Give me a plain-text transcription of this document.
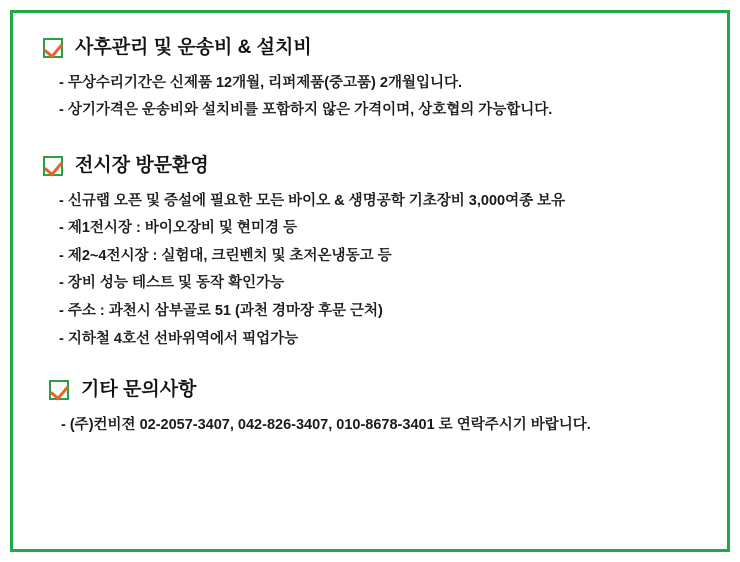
사후관리 및 운송비 & 설치비
- 무상수리기간은 신제품 12개월, 리퍼제품(중고품) 2개월입니다.
- 상기가격은 운송비와 설치비를 포함하지 않은 가격이며, 상호협의 가능합니다.
전시장 방문환영
- 신규랩 오픈 및 증설에 필요한 모든 바이오 & 생명공학 기초장비 3,000여종 보유
- 제1전시장 : 바이오장비 및 현미경 등
- 제2~4전시장 : 실험대, 크린벤치 및 초저온냉동고 등
- 장비 성능 테스트 및 동작 확인가능
- 주소 : 과천시 삼부골로 51 (과천 경마장 후문 근처)
- 지하철 4호선 선바위역에서 픽업가능
기타 문의사항
- (주)컨비젼 02-2057-3407, 042-826-3407, 010-8678-3401 로 연락주시기 바랍니다.
